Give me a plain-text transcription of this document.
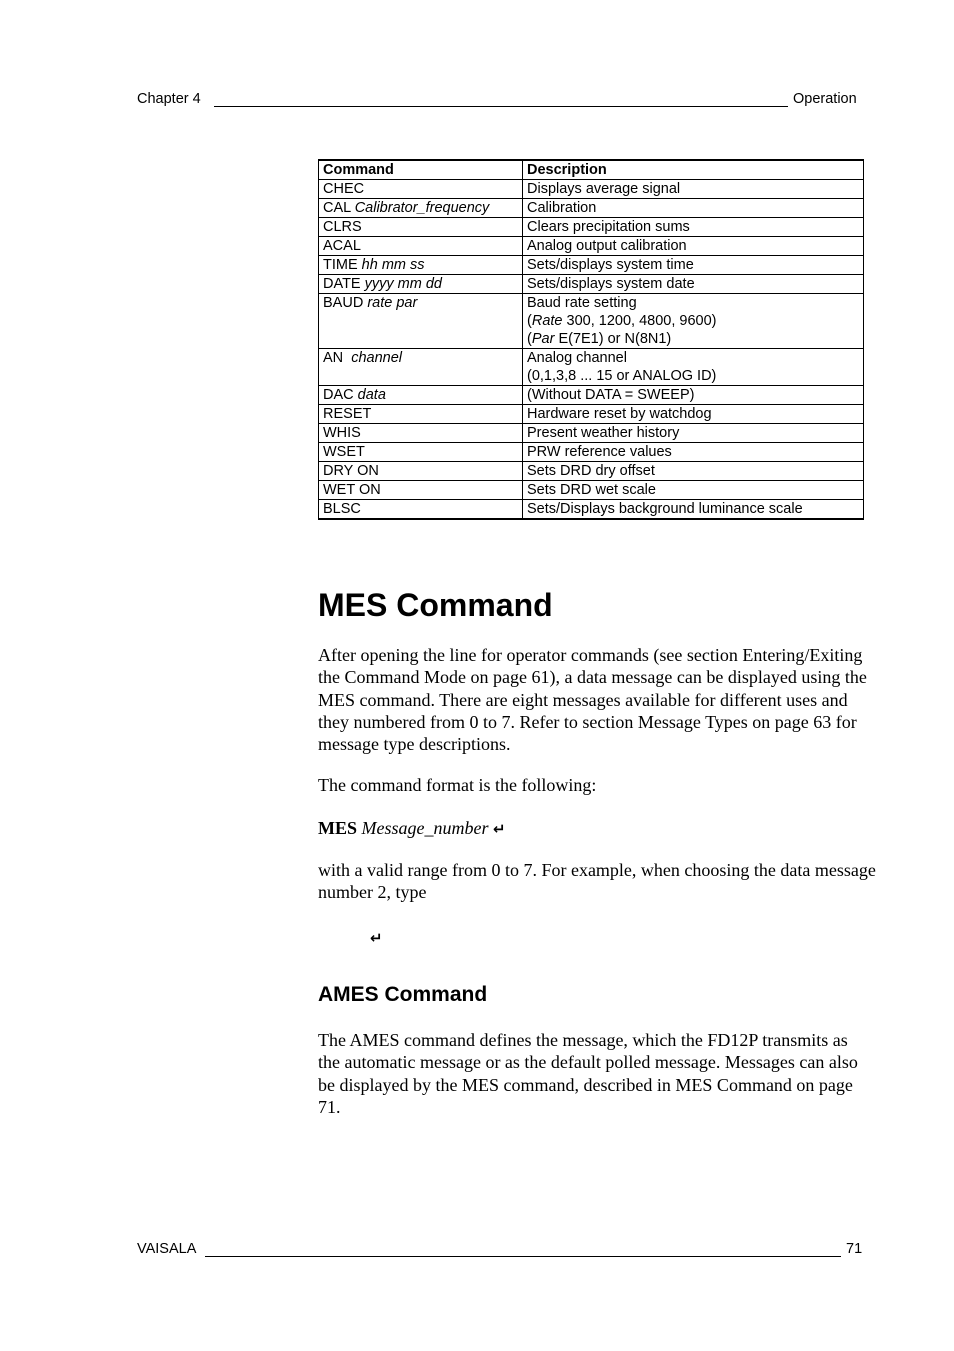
Chapter 4	Operation
Command	Description
CHEC	Displays average signal

CAL Calibrator_frequency	Calibration

CLRS	Clears precipitation sums

ACAL	Analog output calibration

TIME hh mm ss	Sets/displays system time

DATE yyyy mm dd	Sets/displays system date

BAUD rate par	Baud rate setting
(Rate 300, 1200, 4800, 9600)
(Par E(7E1) or N(8N1)

AN  channel	Analog channel
(0,1,3,8 ... 15 or ANALOG ID)

DAC data	(Without DATA = SWEEP)

RESET	Hardware reset by watchdog

WHIS	Present weather history

WSET	PRW reference values

DRY ON	Sets DRD dry offset

WET ON	Sets DRD wet scale

BLSC	Sets/Displays background luminance scale
MES Command

After opening the line for operator commands (see section Entering/Exiting the Command Mode on page 61), a data message can be displayed using the MES command. There are eight messages available for different uses and they numbered from 0 to 7. Refer to section Message Types on page 63 for message type descriptions.

The command format is the following:

MES Message_number ↵

with a valid range from 0 to 7. For example, when choosing the data message number 2, type

↵

AMES Command

The AMES command defines the message, which the FD12P transmits as the automatic message or as the default polled message. Messages can also be displayed by the MES command, described in MES Command on page 71.

VAISALA	71
